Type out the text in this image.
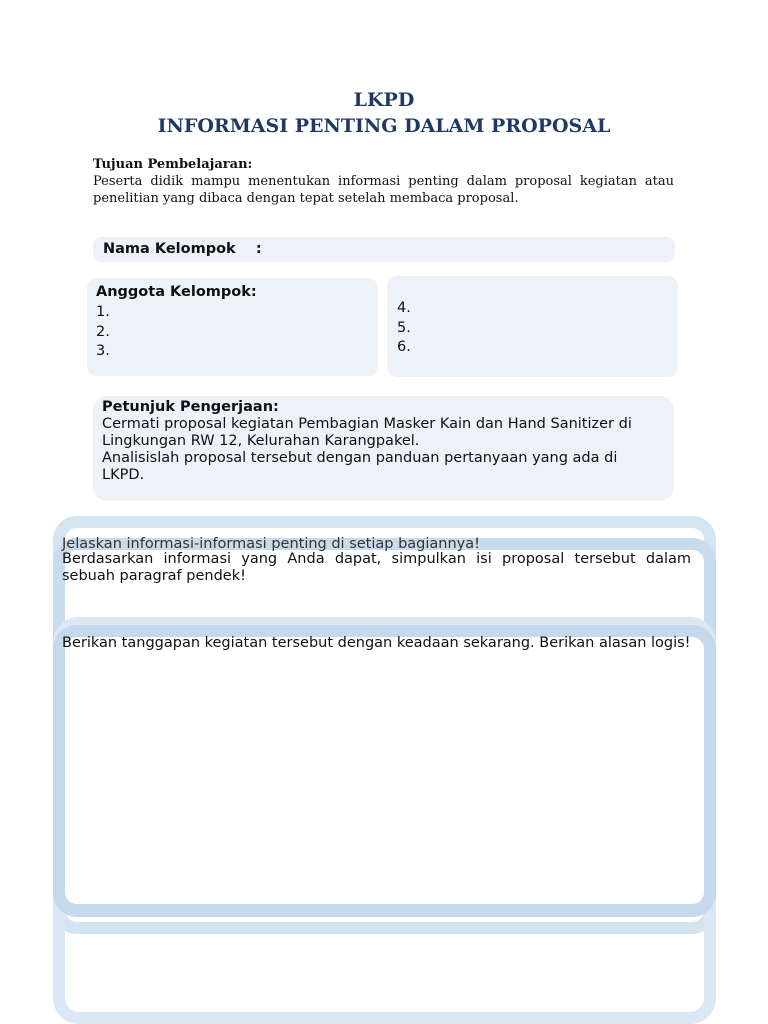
LKPD
INFORMASI PENTING DALAM PROPOSAL
Tujuan Pembelajaran:
Peserta didik mampu menentukan informasi penting dalam proposal kegiatan atau penelitian yang dibaca dengan tepat setelah membaca proposal.
Nama Kelompok    :
Anggota Kelompok:
1.
2.
3.
4.
5.
6.
Petunjuk Pengerjaan:
Cermati proposal kegiatan Pembagian Masker Kain dan Hand Sanitizer di Lingkungan RW 12, Kelurahan Karangpakel.
Analisislah proposal tersebut dengan panduan pertanyaan yang ada di LKPD.
Jelaskan informasi-informasi penting di setiap bagiannya!
Berdasarkan informasi yang Anda dapat, simpulkan isi proposal tersebut dalam sebuah paragraf pendek!
Berikan tanggapan kegiatan tersebut dengan keadaan sekarang. Berikan alasan logis!
